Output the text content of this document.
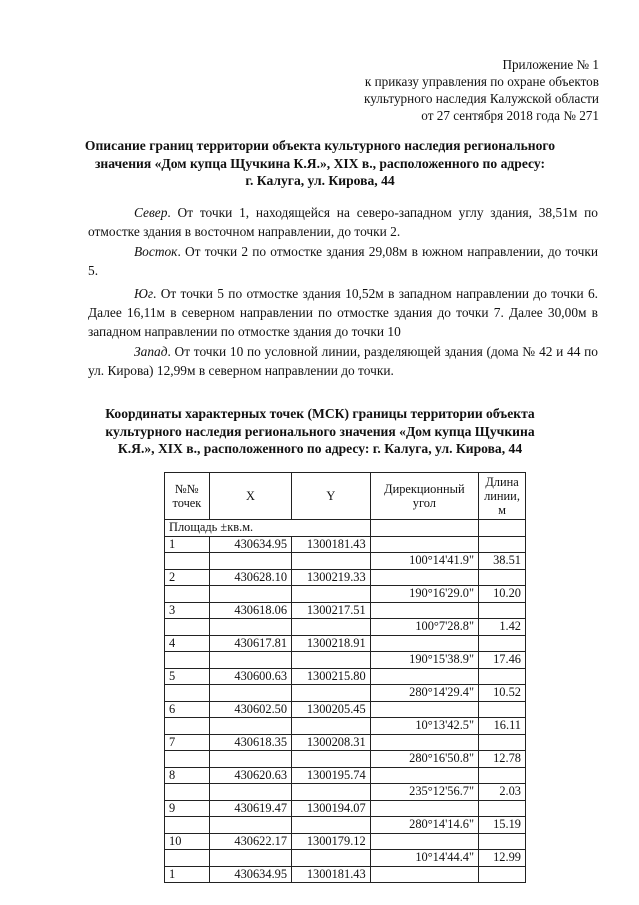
Приложение № 1
к приказу управления по охране объектов
культурного наследия Калужской области
от 27 сентября 2018 года № 271
Описание границ территории объекта культурного наследия регионального
значения «Дом купца Щучкина К.Я.», XIX в., расположенного по адресу:
г. Калуга, ул. Кирова, 44

Север. От точки 1, находящейся на северо-западном углу здания, 38,51м по отмостке здания в восточном направлении, до точки 2.

Восток. От точки 2 по отмостке здания 29,08м в южном направлении, до точки 5.

Юг. От точки 5 по отмостке здания 10,52м в западном направлении до точки 6. Далее 16,11м в северном направлении по отмостке здания до точки 7. Далее 30,00м в западном направлении по отмостке здания до точки 10

Запад. От точки 10 по условной линии, разделяющей здания (дома № 42 и 44 по ул. Кирова) 12,99м в северном направлении до точки.

Координаты характерных точек (МСК) границы территории объекта
культурного наследия регионального значения «Дом купца Щучкина
К.Я.», XIX в., расположенного по адресу: г. Калуга, ул. Кирова, 44
№№ точек	X	Y	Дирекционный угол	Длина линии, м
Площадь ±кв.м.				
1	430634.95	1300181.43		
			100°14'41.9"	38.51
2	430628.10	1300219.33		
			190°16'29.0"	10.20
3	430618.06	1300217.51		
			100°7'28.8"	1.42
4	430617.81	1300218.91		
			190°15'38.9"	17.46
5	430600.63	1300215.80		
			280°14'29.4"	10.52
6	430602.50	1300205.45		
			10°13'42.5"	16.11
7	430618.35	1300208.31		
			280°16'50.8"	12.78
8	430620.63	1300195.74		
			235°12'56.7"	2.03
9	430619.47	1300194.07		
			280°14'14.6"	15.19
10	430622.17	1300179.12		
			10°14'44.4"	12.99
1	430634.95	1300181.43		
